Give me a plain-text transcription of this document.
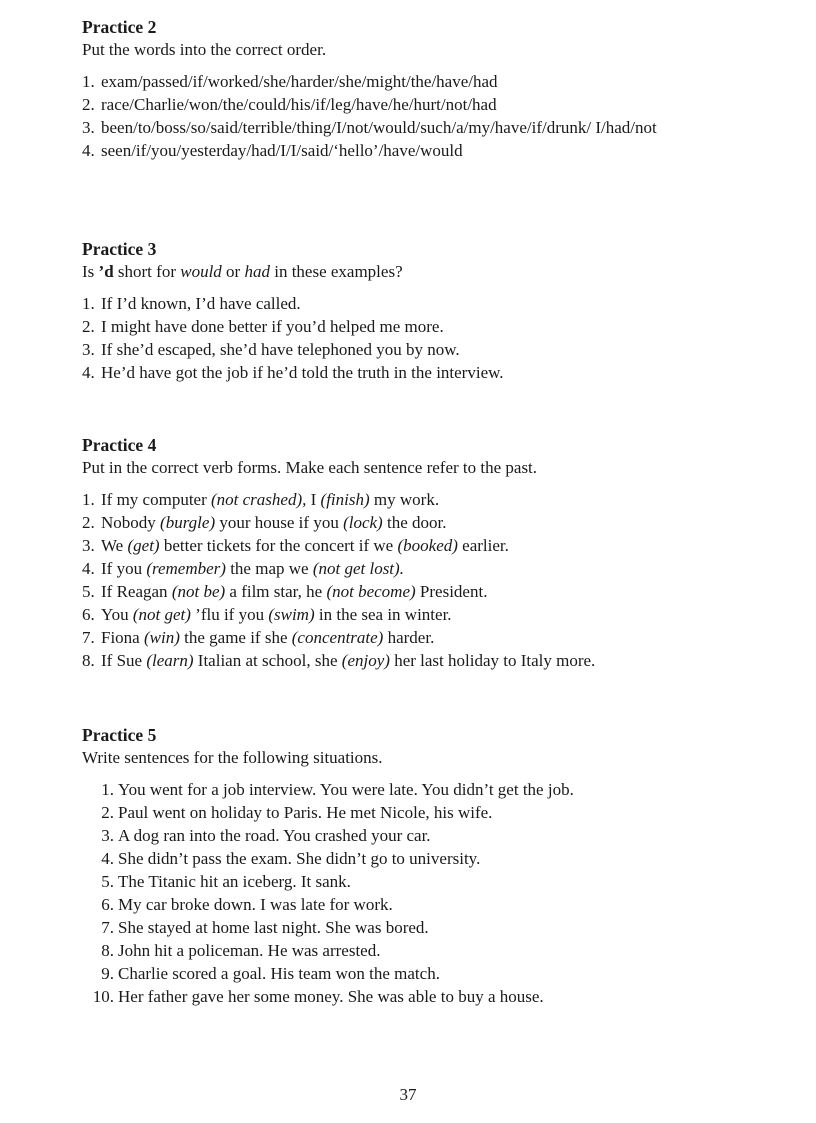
Practice 2

Put the words into the correct order.

1. exam/passed/if/worked/she/harder/she/might/the/have/had
2. race/Charlie/won/the/could/his/if/leg/have/he/hurt/not/had
3. been/to/boss/so/said/terrible/thing/I/not/would/such/a/my/have/if/drunk/ I/had/not
4. seen/if/you/yesterday/had/I/I/said/‘hello’/have/would
Practice 3

Is ’d short for would or had in these examples?

1. If I’d known, I’d have called.
2. I might have done better if you’d helped me more.
3. If she’d escaped, she’d have telephoned you by now.
4. He’d have got the job if he’d told the truth in the interview.
Practice 4

Put in the correct verb forms. Make each sentence refer to the past.

1. If my computer (not crashed), I (finish) my work.
2. Nobody (burgle) your house if you (lock) the door.
3. We (get) better tickets for the concert if we (booked) earlier.
4. If you (remember) the map we (not get lost).
5. If Reagan (not be) a film star, he (not become) President.
6. You (not get) ’flu if you (swim) in the sea in winter.
7. Fiona (win) the game if she (concentrate) harder.
8. If Sue (learn) Italian at school, she (enjoy) her last holiday to Italy more.
Practice 5

Write sentences for the following situations.

1. You went for a job interview. You were late. You didn’t get the job.
2. Paul went on holiday to Paris. He met Nicole, his wife.
3. A dog ran into the road. You crashed your car.
4. She didn’t pass the exam. She didn’t go to university.
5. The Titanic hit an iceberg. It sank.
6. My car broke down. I was late for work.
7. She stayed at home last night. She was bored.
8. John hit a policeman. He was arrested.
9. Charlie scored a goal. His team won the match.
10. Her father gave her some money. She was able to buy a house.
37
